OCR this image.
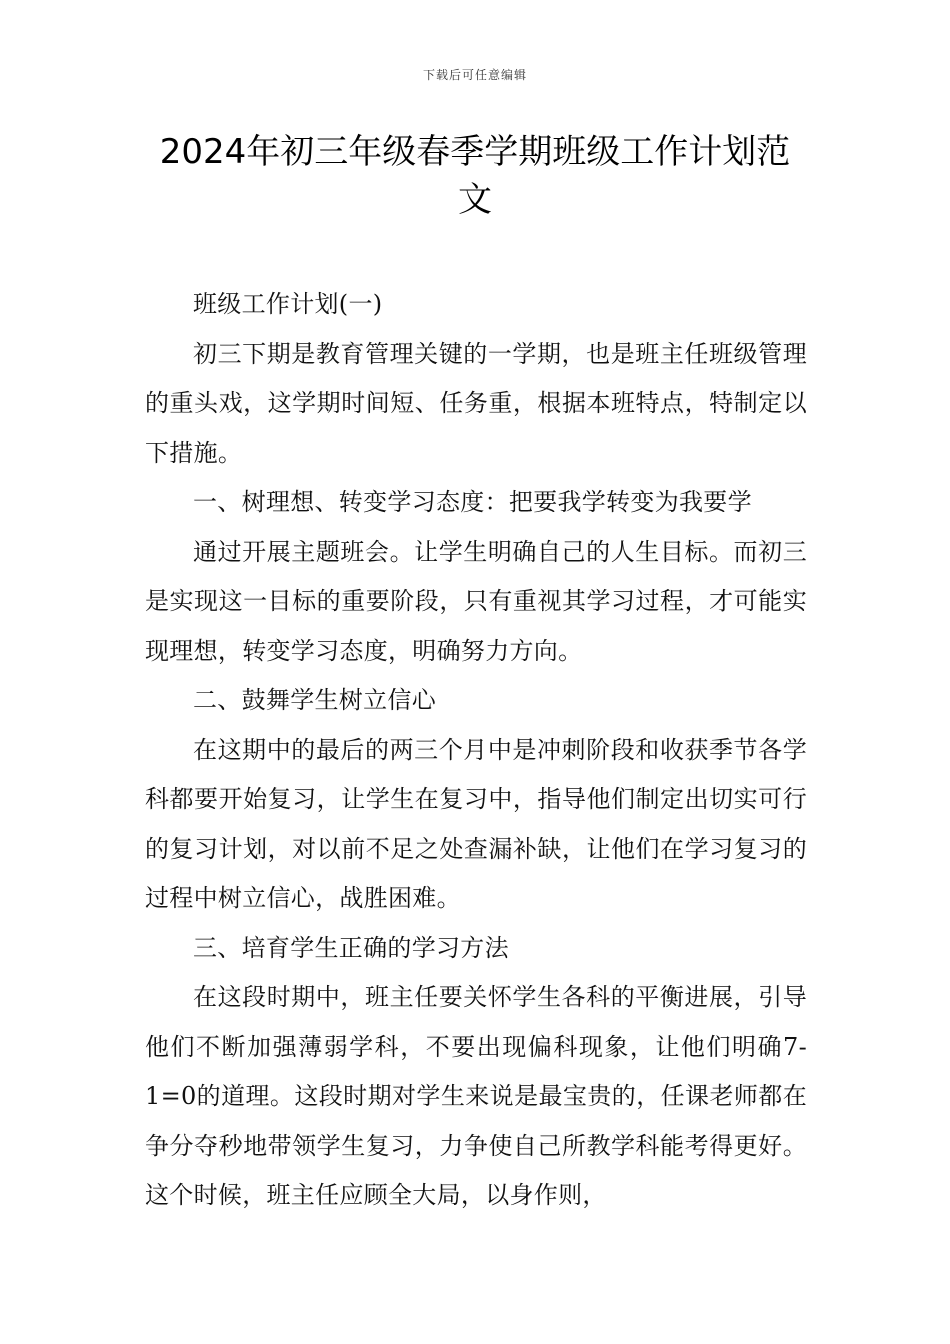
下载后可任意编辑
2024年初三年级春季学期班级工作计划范文

班级工作计划(一)

初三下期是教育管理关键的一学期，也是班主任班级管理的重头戏，这学期时间短、任务重，根据本班特点，特制定以下措施。

一、树理想、转变学习态度：把要我学转变为我要学

通过开展主题班会。让学生明确自己的人生目标。而初三是实现这一目标的重要阶段，只有重视其学习过程，才可能实现理想，转变学习态度，明确努力方向。

二、鼓舞学生树立信心

在这期中的最后的两三个月中是冲刺阶段和收获季节各学科都要开始复习，让学生在复习中，指导他们制定出切实可行的复习计划，对以前不足之处查漏补缺，让他们在学习复习的过程中树立信心，战胜困难。

三、培育学生正确的学习方法

在这段时期中，班主任要关怀学生各科的平衡进展，引导他们不断加强薄弱学科，不要出现偏科现象，让他们明确7-1=0的道理。这段时期对学生来说是最宝贵的，任课老师都在争分夺秒地带领学生复习，力争使自己所教学科能考得更好。这个时候，班主任应顾全大局，以身作则，
